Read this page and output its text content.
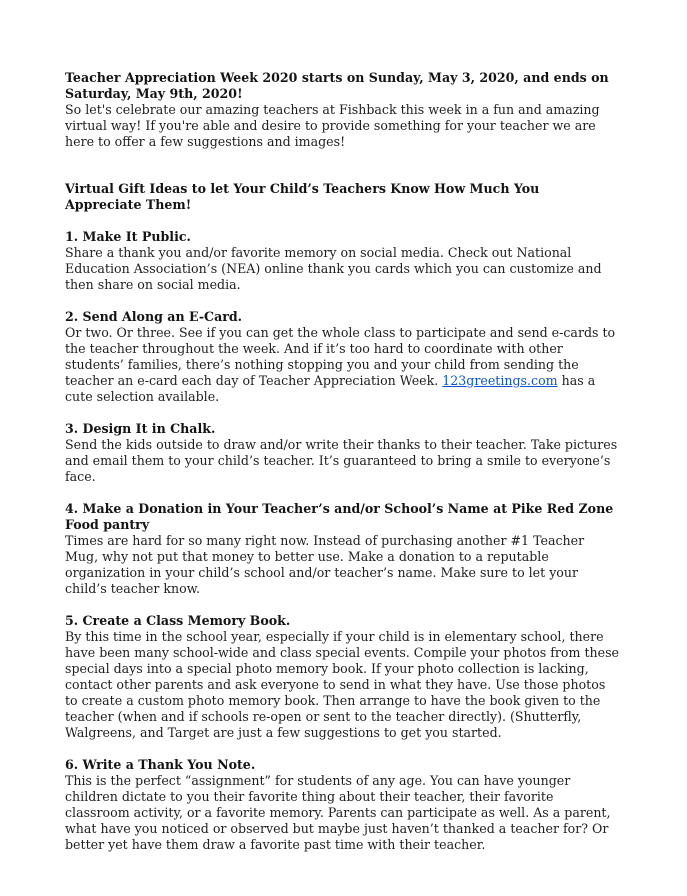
Teacher Appreciation Week 2020 starts on Sunday, May 3, 2020, and ends on Saturday, May 9th, 2020!

So let's celebrate our amazing teachers at Fishback this week in a fun and amazing virtual way! If you're able and desire to provide something for your teacher we are here to offer a few suggestions and images!

Virtual Gift Ideas to let Your Child’s Teachers Know How Much You Appreciate Them!

1. Make It Public.

Share a thank you and/or favorite memory on social media. Check out National Education Association’s (NEA) online thank you cards which you can customize and then share on social media.

2. Send Along an E-Card.

Or two. Or three. See if you can get the whole class to participate and send e-cards to the teacher throughout the week. And if it’s too hard to coordinate with other students’ families, there’s nothing stopping you and your child from sending the teacher an e-card each day of Teacher Appreciation Week. 123greetings.com has a cute selection available.

3. Design It in Chalk.

Send the kids outside to draw and/or write their thanks to their teacher. Take pictures and email them to your child’s teacher. It’s guaranteed to bring a smile to everyone’s face.

4. Make a Donation in Your Teacher’s and/or School’s Name at Pike Red Zone Food pantry

Times are hard for so many right now. Instead of purchasing another #1 Teacher Mug, why not put that money to better use. Make a donation to a reputable organization in your child’s school and/or teacher’s name. Make sure to let your child’s teacher know.

5. Create a Class Memory Book.

By this time in the school year, especially if your child is in elementary school, there have been many school-wide and class special events. Compile your photos from these special days into a special photo memory book. If your photo collection is lacking, contact other parents and ask everyone to send in what they have. Use those photos to create a custom photo memory book. Then arrange to have the book given to the teacher (when and if schools re-open or sent to the teacher directly). (Shutterfly, Walgreens, and Target are just a few suggestions to get you started.

6. Write a Thank You Note.

This is the perfect “assignment” for students of any age. You can have younger children dictate to you their favorite thing about their teacher, their favorite classroom activity, or a favorite memory. Parents can participate as well. As a parent, what have you noticed or observed but maybe just haven’t thanked a teacher for? Or better yet have them draw a favorite past time with their teacher.
